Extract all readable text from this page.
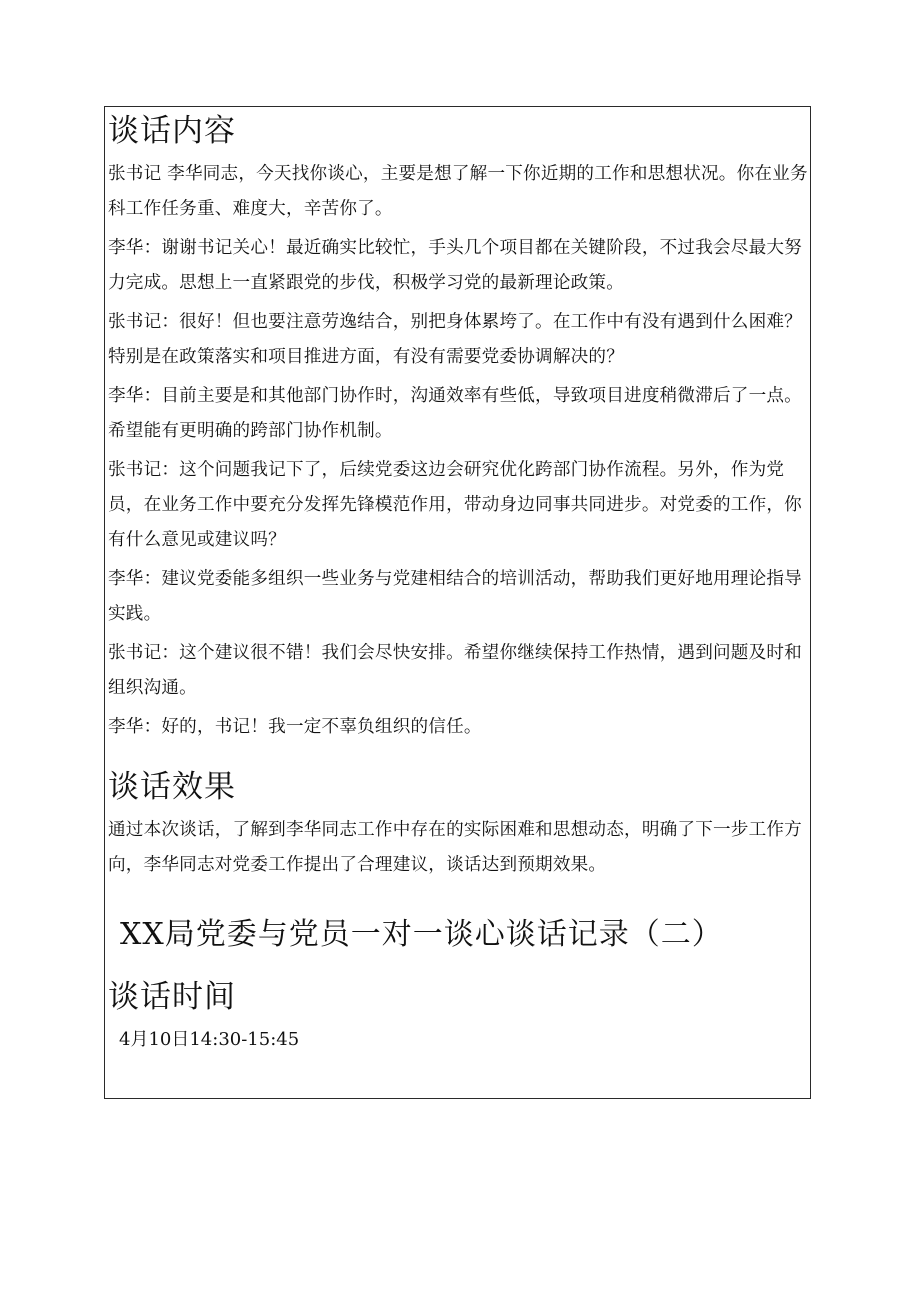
谈话内容

张书记 李华同志，今天找你谈心，主要是想了解一下你近期的工作和思想状况。你在业务科工作任务重、难度大，辛苦你了。

李华：谢谢书记关心！最近确实比较忙，手头几个项目都在关键阶段，不过我会尽最大努力完成。思想上一直紧跟党的步伐，积极学习党的最新理论政策。

张书记：很好！但也要注意劳逸结合，别把身体累垮了。在工作中有没有遇到什么困难？特别是在政策落实和项目推进方面，有没有需要党委协调解决的？

李华：目前主要是和其他部门协作时，沟通效率有些低，导致项目进度稍微滞后了一点。希望能有更明确的跨部门协作机制。

张书记：这个问题我记下了，后续党委这边会研究优化跨部门协作流程。另外，作为党员，在业务工作中要充分发挥先锋模范作用，带动身边同事共同进步。对党委的工作，你有什么意见或建议吗？

李华：建议党委能多组织一些业务与党建相结合的培训活动，帮助我们更好地用理论指导实践。

张书记：这个建议很不错！我们会尽快安排。希望你继续保持工作热情，遇到问题及时和组织沟通。

李华：好的，书记！我一定不辜负组织的信任。

谈话效果

通过本次谈话，了解到李华同志工作中存在的实际困难和思想动态，明确了下一步工作方向，李华同志对党委工作提出了合理建议，谈话达到预期效果。

XX局党委与党员一对一谈心谈话记录（二）
谈话时间
4月10日14:30-15:45
